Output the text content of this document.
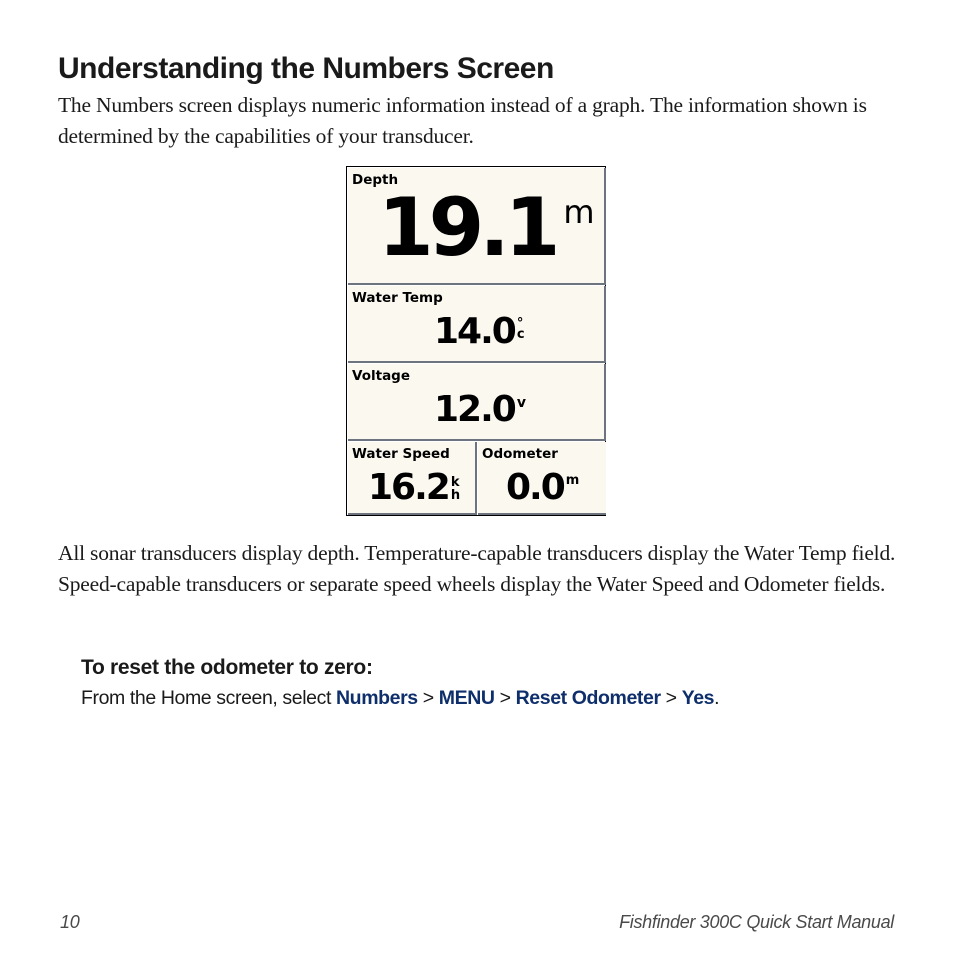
Understanding the Numbers Screen

The Numbers screen displays numeric information instead of a graph. The information shown is determined by the capabilities of your transducer.

Depth
19.1 m
Water Temp
14.0 °
c
Voltage
12.0 v
Water Speed
16.2 k
h
Odometer
0.0 m

All sonar transducers display depth. Temperature-capable transducers display the Water Temp field. Speed-capable transducers or separate speed wheels display the Water Speed and Odometer fields.

To reset the odometer to zero:

From the Home screen, select Numbers > MENU > Reset Odometer > Yes.

10	Fishfinder 300C Quick Start Manual
